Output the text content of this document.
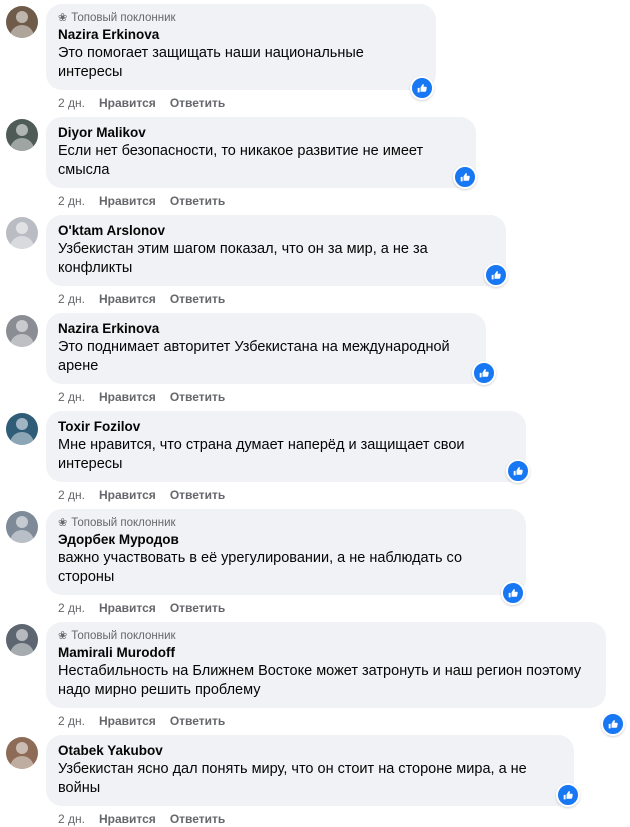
❀ Топовый поклонник
Nazira Erkinova
Это помогает защищать наши национальные интересы
2 дн. Нравится Ответить
Diyor Malikov
Если нет безопасности, то никакое развитие не имеет смысла
2 дн. Нравится Ответить
O'ktam Arslonov
Узбекистан этим шагом показал, что он за мир, а не за конфликты
2 дн. Нравится Ответить
Nazira Erkinova
Это поднимает авторитет Узбекистана на международной арене
2 дн. Нравится Ответить
Toxir Fozilov
Мне нравится, что страна думает наперёд и защищает свои интересы
2 дн. Нравится Ответить
❀ Топовый поклонник
Эдорбек Муродов
важно участвовать в её урегулировании, а не наблюдать со стороны
2 дн. Нравится Ответить
❀ Топовый поклонник
Mamirali Murodoff
Нестабильность на Ближнем Востоке может затронуть и наш регион поэтому надо мирно решить проблему
2 дн. Нравится Ответить
Otabek Yakubov
Узбекистан ясно дал понять миру, что он стоит на стороне мира, а не войны
2 дн. Нравится Ответить
